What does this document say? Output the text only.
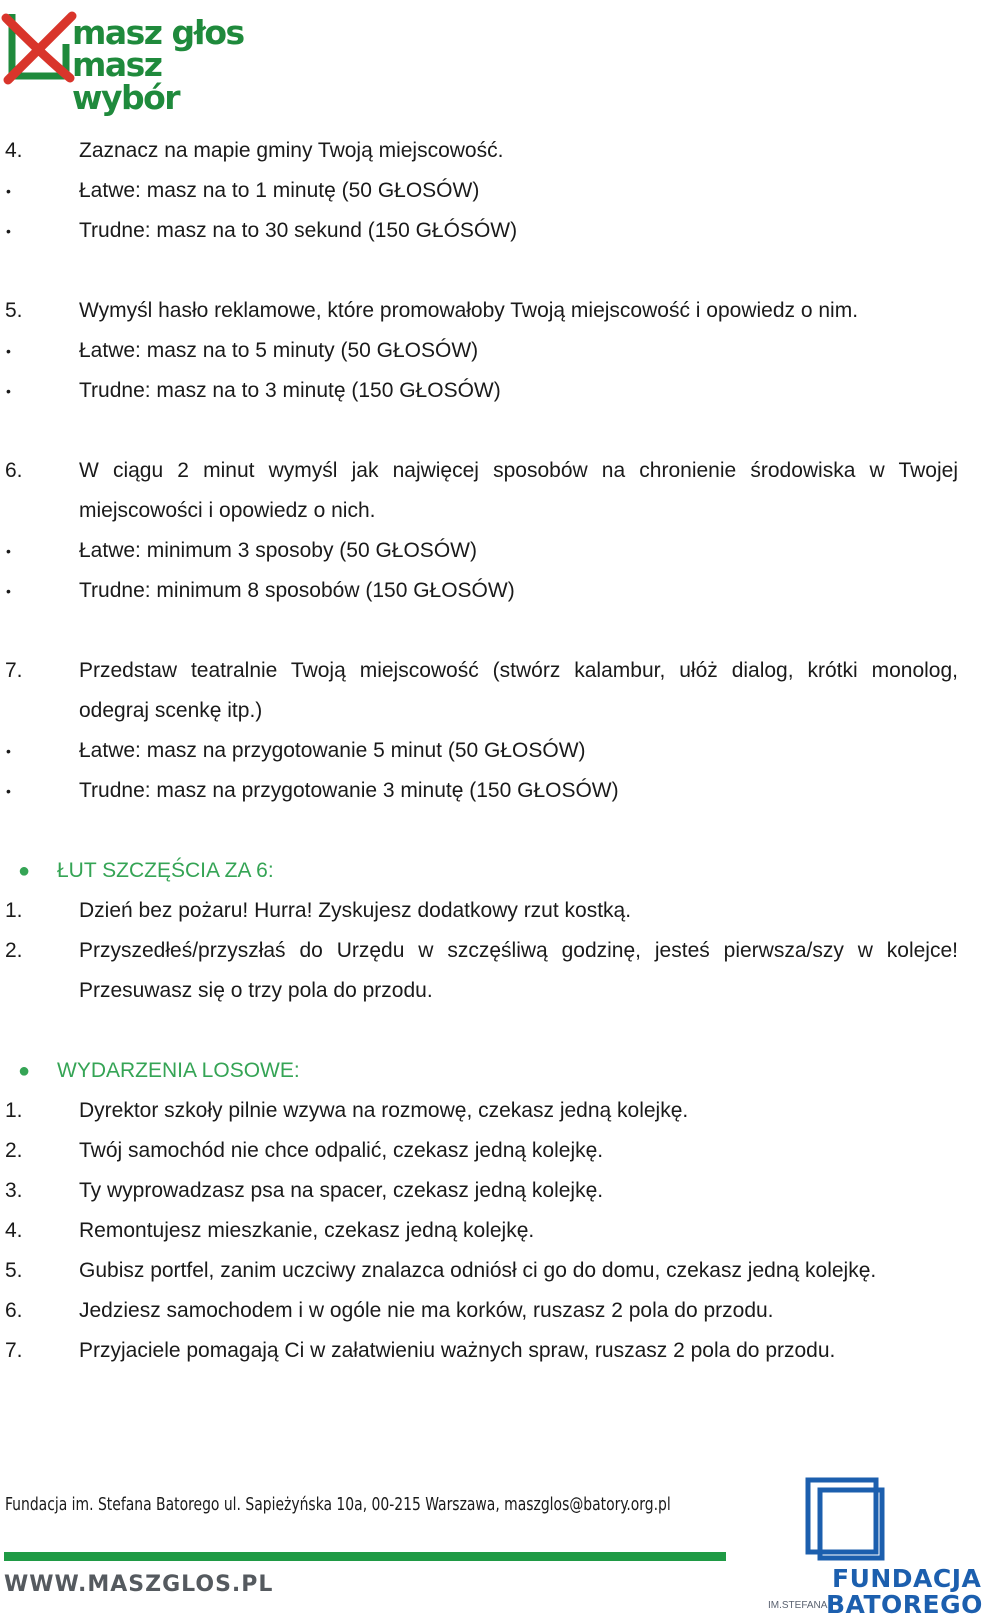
masz głos
masz wybór
4.	Zaznacz na mapie gminy Twoją miejscowość.
•	Łatwe: masz na to 1 minutę (50 GŁOSÓW)
•	Trudne: masz na to 30 sekund (150 GŁÓSÓW)
5.	Wymyśl hasło reklamowe, które promowałoby Twoją miejscowość i opowiedz o nim.
•	Łatwe: masz na to 5 minuty (50 GŁOSÓW)
•	Trudne: masz na to 3 minutę (150 GŁOSÓW)
6.	W ciągu 2 minut wymyśl jak najwięcej sposobów na chronienie środowiska w Twojej miejscowości i opowiedz o nich.
•	Łatwe: minimum 3 sposoby (50 GŁOSÓW)
•	Trudne: minimum 8 sposobów (150 GŁOSÓW)
7.	Przedstaw teatralnie Twoją miejscowość (stwórz kalambur, ułóż dialog, krótki monolog, odegraj scenkę itp.)
•	Łatwe: masz na przygotowanie 5 minut (50 GŁOSÓW)
•	Trudne: masz na przygotowanie 3 minutę (150 GŁOSÓW)
● ŁUT SZCZĘŚCIA ZA 6:
1.	Dzień bez pożaru! Hurra! Zyskujesz dodatkowy rzut kostką.
2.	Przyszedłeś/przyszłaś do Urzędu w szczęśliwą godzinę, jesteś pierwsza/szy w kolejce! Przesuwasz się o trzy pola do przodu.
● WYDARZENIA LOSOWE:
1.	Dyrektor szkoły pilnie wzywa na rozmowę, czekasz jedną kolejkę.
2.	Twój samochód nie chce odpalić, czekasz jedną kolejkę.
3.	Ty wyprowadzasz psa na spacer, czekasz jedną kolejkę.
4.	Remontujesz mieszkanie, czekasz jedną kolejkę.
5.	Gubisz portfel, zanim uczciwy znalazca odniósł ci go do domu, czekasz jedną kolejkę.
6.	Jedziesz samochodem i w ogóle nie ma korków, ruszasz 2 pola do przodu.
7.	Przyjaciele pomagają Ci w załatwieniu ważnych spraw, ruszasz 2 pola do przodu.
Fundacja im. Stefana Batorego ul. Sapieżyńska 10a, 00-215 Warszawa, maszglos@batory.org.pl
WWW.MASZGLOS.PL	FUNDACJA
IM.STEFANA
BATOREGO
